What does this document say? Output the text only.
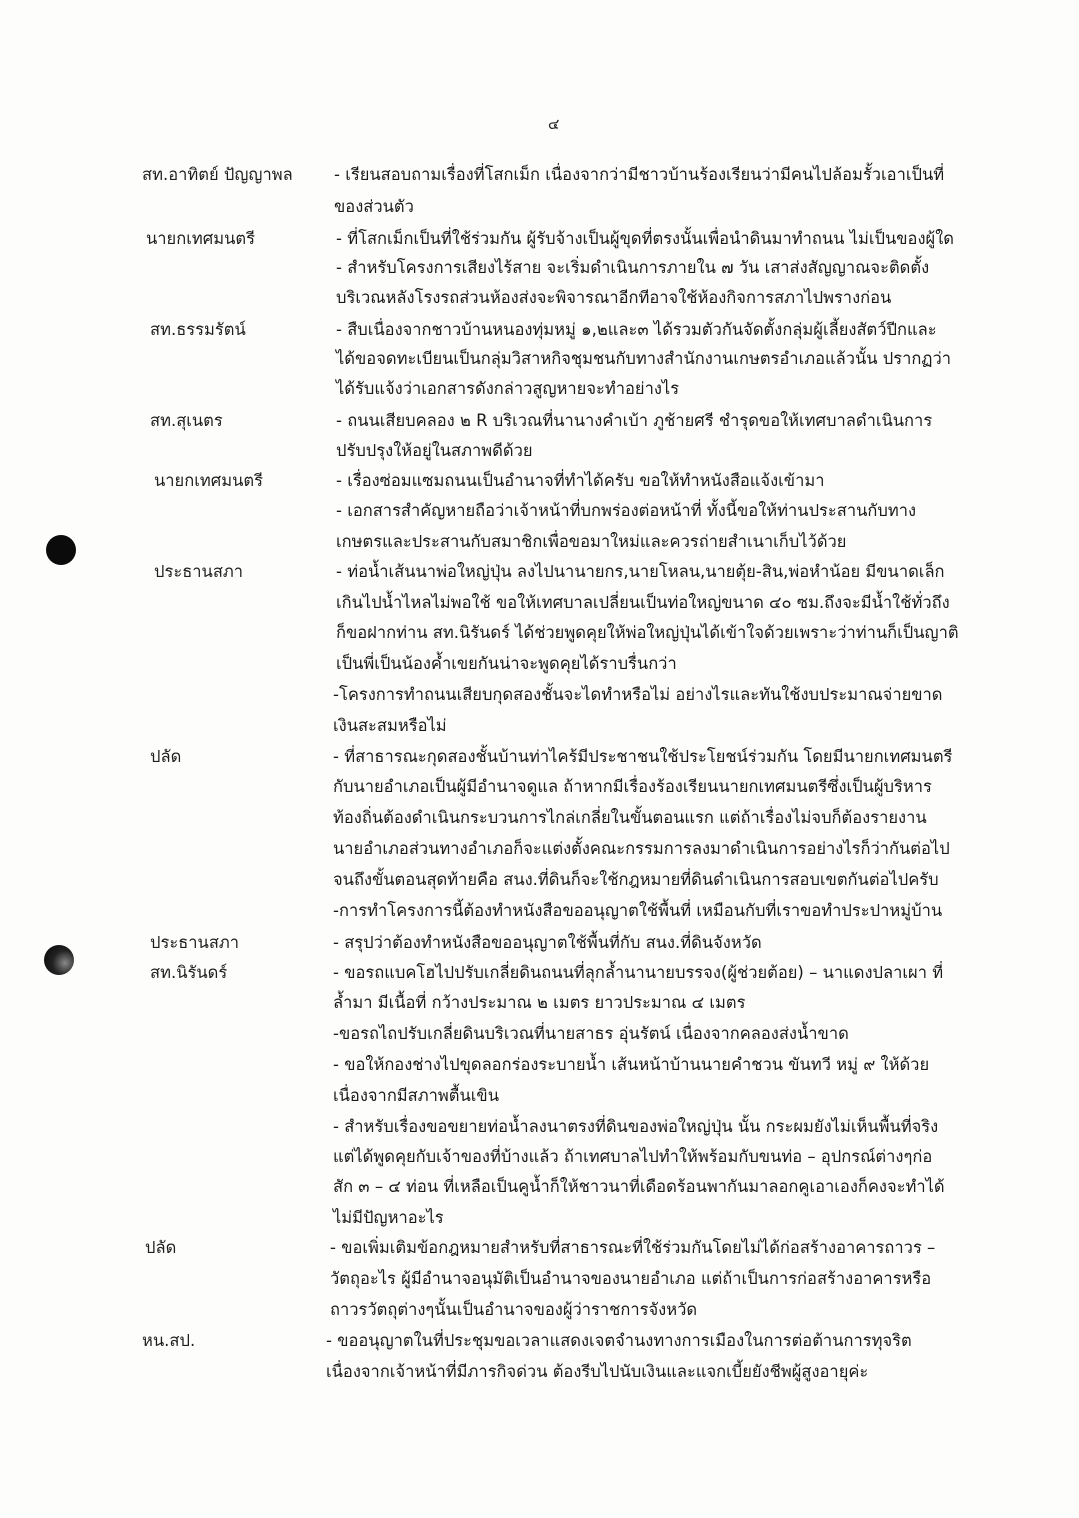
๔
สท.อาทิตย์ ปัญญาพล
นายกเทศมนตรี
สท.ธรรมรัตน์
สท.สุเนตร
นายกเทศมนตรี
ประธานสภา
ปลัด
ประธานสภา
สท.นิรันดร์
ปลัด
หน.สป.
- เรียนสอบถามเรื่องที่โสกเม็ก เนื่องจากว่ามีชาวบ้านร้องเรียนว่ามีคนไปล้อมรั้วเอาเป็นที่
ของส่วนตัว
- ที่โสกเม็กเป็นที่ใช้ร่วมกัน ผู้รับจ้างเป็นผู้ขุดที่ตรงนั้นเพื่อนำดินมาทำถนน ไม่เป็นของผู้ใด
- สำหรับโครงการเสียงไร้สาย จะเริ่มดำเนินการภายใน ๗ วัน เสาส่งสัญญาณจะติดตั้ง
บริเวณหลังโรงรถส่วนห้องส่งจะพิจารณาอีกทีอาจใช้ห้องกิจการสภาไปพรางก่อน
- สืบเนื่องจากชาวบ้านหนองทุ่มหมู่ ๑,๒และ๓ ได้รวมตัวกันจัดตั้งกลุ่มผู้เลี้ยงสัตว์ปีกและ
ได้ขอจดทะเบียนเป็นกลุ่มวิสาหกิจชุมชนกับทางสำนักงานเกษตรอำเภอแล้วนั้น ปรากฏว่า
ได้รับแจ้งว่าเอกสารดังกล่าวสูญหายจะทำอย่างไร
- ถนนเสียบคลอง ๒ R บริเวณที่นานางคำเบ้า ภูช้ายศรี ชำรุดขอให้เทศบาลดำเนินการ
ปรับปรุงให้อยู่ในสภาพดีด้วย
- เรื่องซ่อมแซมถนนเป็นอำนาจที่ทำได้ครับ ขอให้ทำหนังสือแจ้งเข้ามา
- เอกสารสำคัญหายถือว่าเจ้าหน้าที่บกพร่องต่อหน้าที่ ทั้งนี้ขอให้ท่านประสานกับทาง
เกษตรและประสานกับสมาชิกเพื่อขอมาใหม่และควรถ่ายสำเนาเก็บไว้ด้วย
- ท่อน้ำเส้นนาพ่อใหญ่ปุ่น ลงไปนานายกร,นายโหลน,นายตุ้ย-สิน,พ่อหำน้อย มีขนาดเล็ก
เกินไปน้ำไหลไม่พอใช้ ขอให้เทศบาลเปลี่ยนเป็นท่อใหญ่ขนาด ๔๐ ซม.ถึงจะมีน้ำใช้ทั่วถึง
ก็ขอฝากท่าน สท.นิรันดร์ ได้ช่วยพูดคุยให้พ่อใหญ่ปุ่นได้เข้าใจด้วยเพราะว่าท่านก็เป็นญาติ
เป็นพี่เป็นน้องค้ำเขยกันน่าจะพูดคุยได้ราบรื่นกว่า
-โครงการทำถนนเสียบกุดสองชั้นจะไดทำหรือไม่ อย่างไรและทันใช้งบประมาณจ่ายขาด
เงินสะสมหรือไม่
- ที่สาธารณะกุดสองชั้นบ้านท่าไคร้มีประชาชนใช้ประโยชน์ร่วมกัน โดยมีนายกเทศมนตรี
กับนายอำเภอเป็นผู้มีอำนาจดูแล ถ้าหากมีเรื่องร้องเรียนนายกเทศมนตรีซึ่งเป็นผู้บริหาร
ท้องถิ่นต้องดำเนินกระบวนการไกล่เกลี่ยในขั้นตอนแรก แต่ถ้าเรื่องไม่จบก็ต้องรายงาน
นายอำเภอส่วนทางอำเภอก็จะแต่งตั้งคณะกรรมการลงมาดำเนินการอย่างไรก็ว่ากันต่อไป
จนถึงขั้นตอนสุดท้ายคือ สนง.ที่ดินก็จะใช้กฎหมายที่ดินดำเนินการสอบเขตกันต่อไปครับ
-การทำโครงการนี้ต้องทำหนังสือขออนุญาตใช้พื้นที่ เหมือนกับที่เราขอทำประปาหมู่บ้าน
- สรุปว่าต้องทำหนังสือขออนุญาตใช้พื้นที่กับ สนง.ที่ดินจังหวัด
- ขอรถแบคโฮไปปรับเกลี่ยดินถนนที่ลุกล้ำนานายบรรจง(ผู้ช่วยต้อย) – นาแดงปลาเผา ที่
ล้ำมา มีเนื้อที่ กว้างประมาณ ๒ เมตร ยาวประมาณ ๔ เมตร
-ขอรถไถปรับเกลี่ยดินบริเวณที่นายสาธร อุ่นรัตน์ เนื่องจากคลองส่งน้ำขาด
- ขอให้กองช่างไปขุดลอกร่องระบายน้ำ เส้นหน้าบ้านนายคำชวน ขันทวี หมู่ ๙ ให้ด้วย
เนื่องจากมีสภาพตื้นเขิน
- สำหรับเรื่องขอขยายท่อน้ำลงนาตรงที่ดินของพ่อใหญ่ปุ่น นั้น กระผมยังไม่เห็นพื้นที่จริง
แต่ได้พูดคุยกับเจ้าของที่บ้างแล้ว ถ้าเทศบาลไปทำให้พร้อมกับขนท่อ – อุปกรณ์ต่างๆก่อ
สัก ๓ – ๔ ท่อน ที่เหลือเป็นคูน้ำก็ให้ชาวนาที่เดือดร้อนพากันมาลอกคูเอาเองก็คงจะทำได้
ไม่มีปัญหาอะไร
- ขอเพิ่มเติมข้อกฎหมายสำหรับที่สาธารณะที่ใช้ร่วมกันโดยไม่ได้ก่อสร้างอาคารถาวร –
วัตถุอะไร ผู้มีอำนาจอนุมัติเป็นอำนาจของนายอำเภอ แต่ถ้าเป็นการก่อสร้างอาคารหรือ
ถาวรวัตถุต่างๆนั้นเป็นอำนาจของผู้ว่าราชการจังหวัด
- ขออนุญาตในที่ประชุมขอเวลาแสดงเจตจำนงทางการเมืองในการต่อต้านการทุจริต
เนื่องจากเจ้าหน้าที่มีภารกิจด่วน ต้องรีบไปนับเงินและแจกเบี้ยยังชีพผู้สูงอายุค่ะ
